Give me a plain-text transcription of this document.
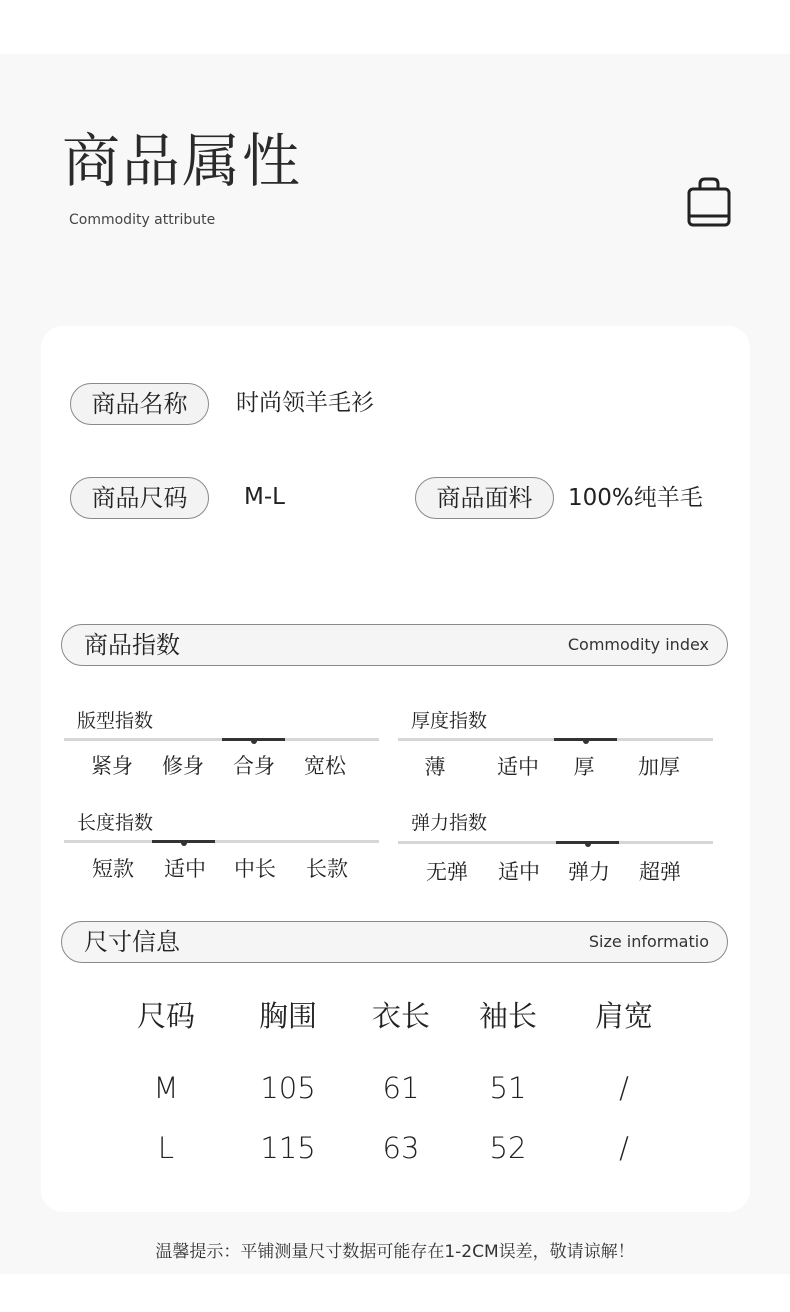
商品属性
Commodity attribute
商品名称	时尚领羊毛衫
商品尺码	M-L	商品面料	100%纯羊毛
商品指数	Commodity index
版型指数
紧身	修身	合身	宽松
厚度指数
薄	适中	厚	加厚
长度指数
短款	适中	中长	长款
弹力指数
无弹	适中	弹力	超弹
尺寸信息	Size informatio
尺码	胸围	衣长	袖长	肩宽
M	105	61	51	/
L	115	63	52	/
温馨提示：平铺测量尺寸数据可能存在1-2CM误差，敬请谅解！
